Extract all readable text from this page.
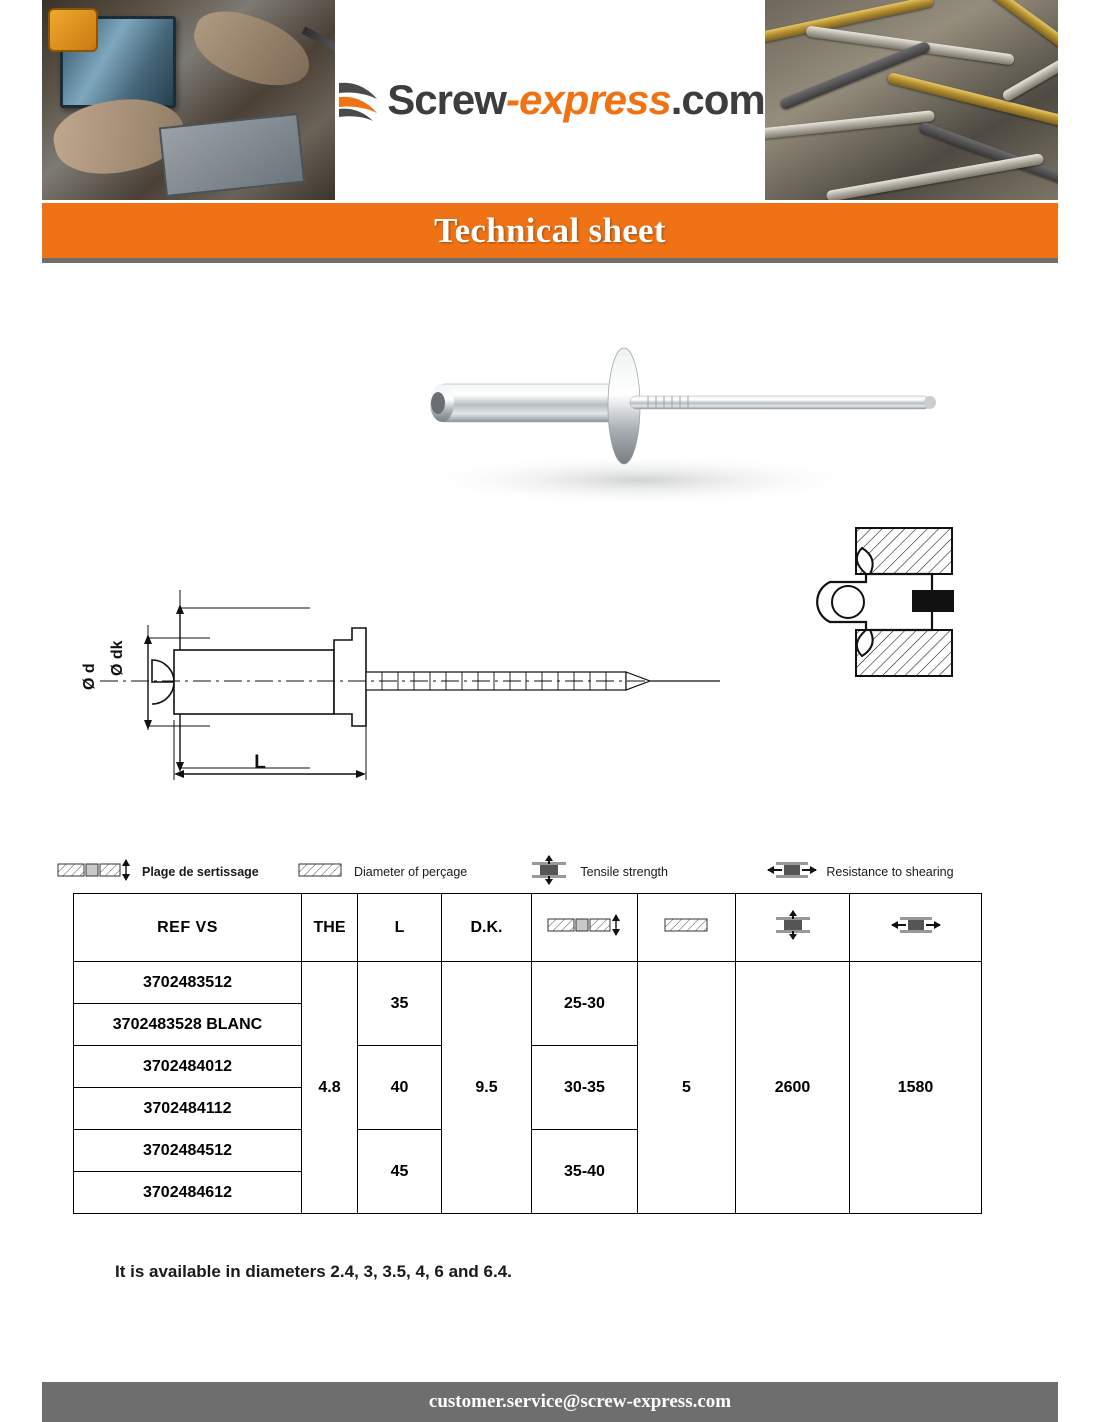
Screw-express.com
Technical sheet
Ø d
Ø dk
L
Plage de sertissage	Diameter of perçage	Tensile strength	Resistance to shearing
REF VS	THE	L	D.K.				
3702483512	4.8	35	9.5	25-30	5	2600	1580
3702483528 BLANC							
3702484012		40		30-35			
3702484112							
3702484512		45		35-40			
3702484612							
It is available in diameters 2.4, 3, 3.5, 4, 6 and 6.4.
customer.service@screw-express.com
